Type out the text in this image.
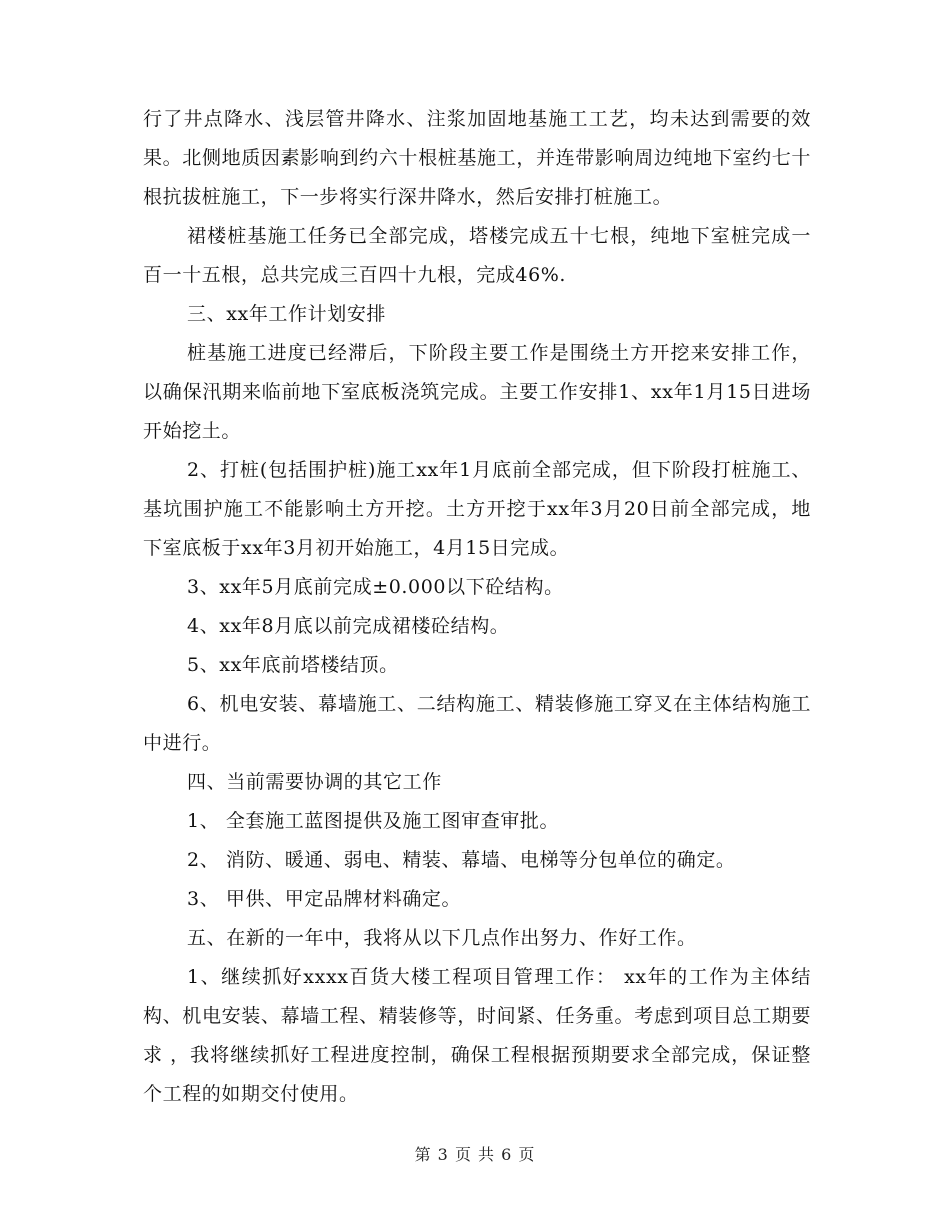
行了井点降水、浅层管井降水、注浆加固地基施工工艺，均未达到需要的效果。北侧地质因素影响到约六十根桩基施工，并连带影响周边纯地下室约七十根抗拔桩施工，下一步将实行深井降水，然后安排打桩施工。

裙楼桩基施工任务已全部完成，塔楼完成五十七根，纯地下室桩完成一百一十五根，总共完成三百四十九根，完成46%.

三、xx年工作计划安排

桩基施工进度已经滞后，下阶段主要工作是围绕土方开挖来安排工作，以确保汛期来临前地下室底板浇筑完成。主要工作安排1、xx年1月15日进场开始挖土。

2、打桩(包括围护桩)施工xx年1月底前全部完成，但下阶段打桩施工、基坑围护施工不能影响土方开挖。土方开挖于xx年3月20日前全部完成，地下室底板于xx年3月初开始施工，4月15日完成。

3、xx年5月底前完成±0.000以下砼结构。

4、xx年8月底以前完成裙楼砼结构。

5、xx年底前塔楼结顶。

6、机电安装、幕墙施工、二结构施工、精装修施工穿叉在主体结构施工中进行。

四、当前需要协调的其它工作

1、 全套施工蓝图提供及施工图审查审批。

2、 消防、暖通、弱电、精装、幕墙、电梯等分包单位的确定。

3、 甲供、甲定品牌材料确定。

五、在新的一年中，我将从以下几点作出努力、作好工作。

1、继续抓好xxxx百货大楼工程项目管理工作： xx年的工作为主体结构、机电安装、幕墙工程、精装修等，时间紧、任务重。考虑到项目总工期要求 ，我将继续抓好工程进度控制，确保工程根据预期要求全部完成，保证整个工程的如期交付使用。

第 3 页 共 6 页
